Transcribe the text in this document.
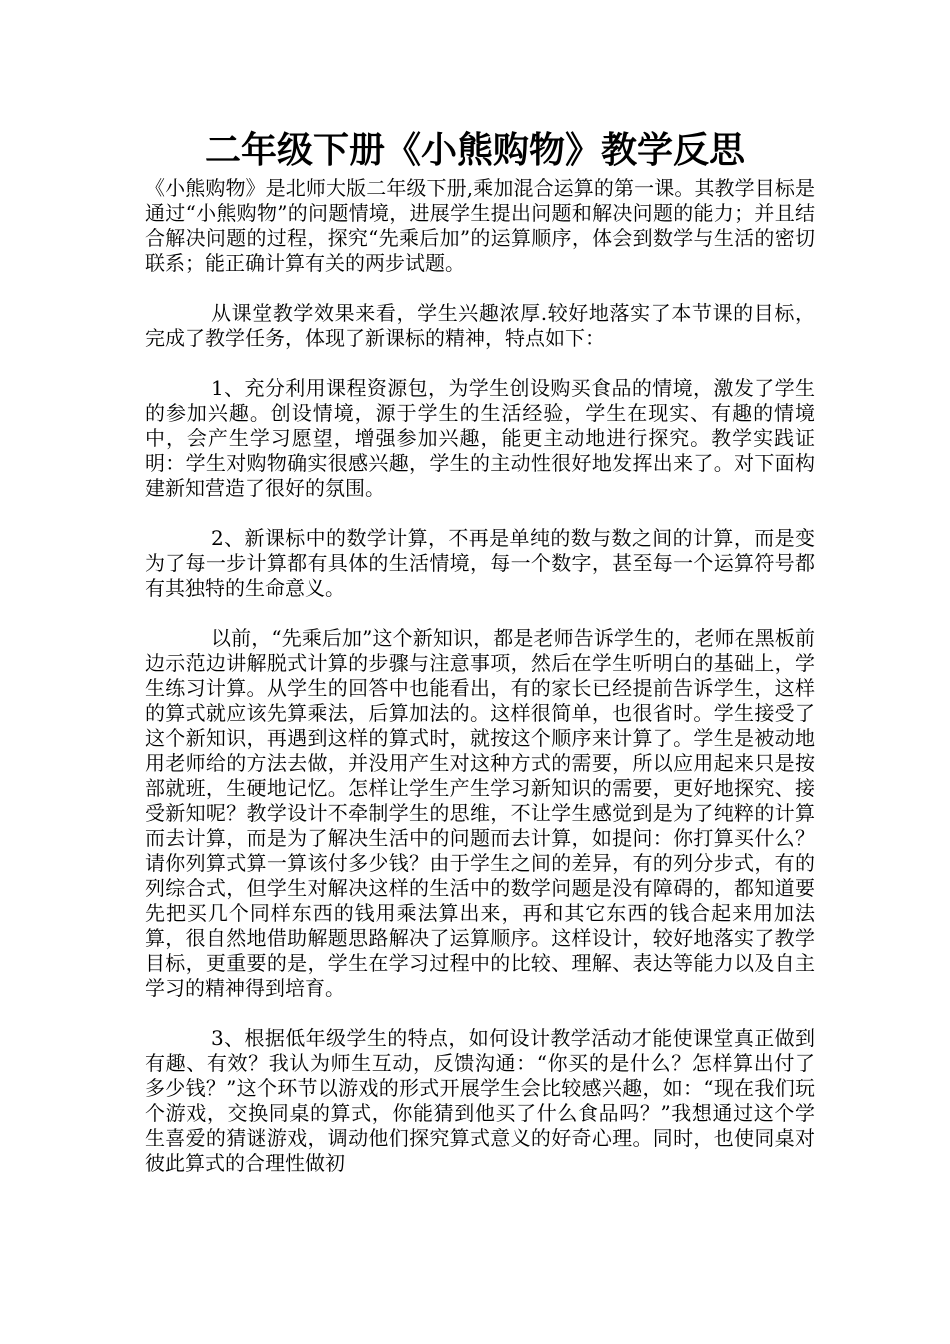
二年级下册《小熊购物》教学反思

《小熊购物》是北师大版二年级下册,乘加混合运算的第一课。其教学目标是通过“小熊购物”的问题情境，进展学生提出问题和解决问题的能力；并且结合解决问题的过程，探究“先乘后加”的运算顺序，体会到数学与生活的密切联系；能正确计算有关的两步试题。

从课堂教学效果来看，学生兴趣浓厚.较好地落实了本节课的目标，完成了教学任务，体现了新课标的精神，特点如下：

1、充分利用课程资源包，为学生创设购买食品的情境，激发了学生的参加兴趣。创设情境，源于学生的生活经验，学生在现实、有趣的情境中，会产生学习愿望，增强参加兴趣，能更主动地进行探究。教学实践证明：学生对购物确实很感兴趣，学生的主动性很好地发挥出来了。对下面构建新知营造了很好的氛围。

2、新课标中的数学计算，不再是单纯的数与数之间的计算，而是变为了每一步计算都有具体的生活情境，每一个数字，甚至每一个运算符号都有其独特的生命意义。

以前，“先乘后加”这个新知识，都是老师告诉学生的，老师在黑板前边示范边讲解脱式计算的步骤与注意事项，然后在学生听明白的基础上，学生练习计算。从学生的回答中也能看出，有的家长已经提前告诉学生，这样的算式就应该先算乘法，后算加法的。这样很简单，也很省时。学生接受了这个新知识，再遇到这样的算式时，就按这个顺序来计算了。学生是被动地用老师给的方法去做，并没用产生对这种方式的需要，所以应用起来只是按部就班，生硬地记忆。怎样让学生产生学习新知识的需要，更好地探究、接受新知呢？教学设计不牵制学生的思维，不让学生感觉到是为了纯粹的计算而去计算，而是为了解决生活中的问题而去计算，如提问：你打算买什么？请你列算式算一算该付多少钱？由于学生之间的差异，有的列分步式，有的列综合式，但学生对解决这样的生活中的数学问题是没有障碍的，都知道要先把买几个同样东西的钱用乘法算出来，再和其它东西的钱合起来用加法算，很自然地借助解题思路解决了运算顺序。这样设计，较好地落实了教学目标，更重要的是，学生在学习过程中的比较、理解、表达等能力以及自主学习的精神得到培育。

3、根据低年级学生的特点，如何设计教学活动才能使课堂真正做到有趣、有效？我认为师生互动，反馈沟通：“你买的是什么？怎样算出付了多少钱？”这个环节以游戏的形式开展学生会比较感兴趣，如：“现在我们玩个游戏，交换同桌的算式，你能猜到他买了什么食品吗？”我想通过这个学生喜爱的猜谜游戏，调动他们探究算式意义的好奇心理。同时，也使同桌对彼此算式的合理性做初
